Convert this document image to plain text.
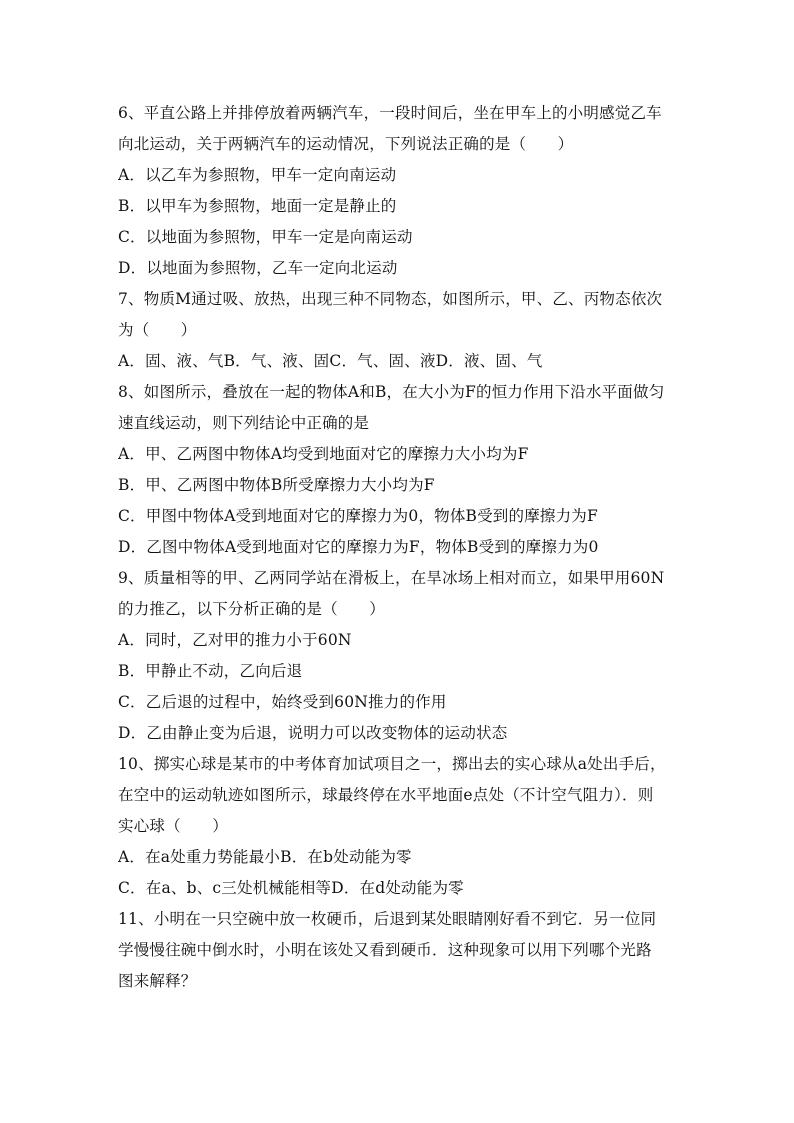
6、平直公路上并排停放着两辆汽车，一段时间后，坐在甲车上的小明感觉乙车
向北运动，关于两辆汽车的运动情况，下列说法正确的是（　　）
A．以乙车为参照物，甲车一定向南运动
B．以甲车为参照物，地面一定是静止的
C．以地面为参照物，甲车一定是向南运动
D．以地面为参照物，乙车一定向北运动
7、物质M通过吸、放热，出现三种不同物态，如图所示，甲、乙、丙物态依次
为（　　）
A．固、液、气B．气、液、固C．气、固、液D．液、固、气
8、如图所示，叠放在一起的物体A和B，在大小为F的恒力作用下沿水平面做匀
速直线运动，则下列结论中正确的是
A．甲、乙两图中物体A均受到地面对它的摩擦力大小均为F
B．甲、乙两图中物体B所受摩擦力大小均为F
C．甲图中物体A受到地面对它的摩擦力为0，物体B受到的摩擦力为F
D．乙图中物体A受到地面对它的摩擦力为F，物体B受到的摩擦力为0
9、质量相等的甲、乙两同学站在滑板上，在旱冰场上相对而立，如果甲用60N
的力推乙，以下分析正确的是（　　）
A．同时，乙对甲的推力小于60N
B．甲静止不动，乙向后退
C．乙后退的过程中，始终受到60N推力的作用
D．乙由静止变为后退，说明力可以改变物体的运动状态
10、掷实心球是某市的中考体育加试项目之一，掷出去的实心球从a处出手后，
在空中的运动轨迹如图所示，球最终停在水平地面e点处（不计空气阻力）．则
实心球（　　）
A．在a处重力势能最小B．在b处动能为零
C．在a、b、c三处机械能相等D．在d处动能为零
11、小明在一只空碗中放一枚硬币，后退到某处眼睛刚好看不到它．另一位同
学慢慢往碗中倒水时，小明在该处又看到硬币．这种现象可以用下列哪个光路
图来解释？
